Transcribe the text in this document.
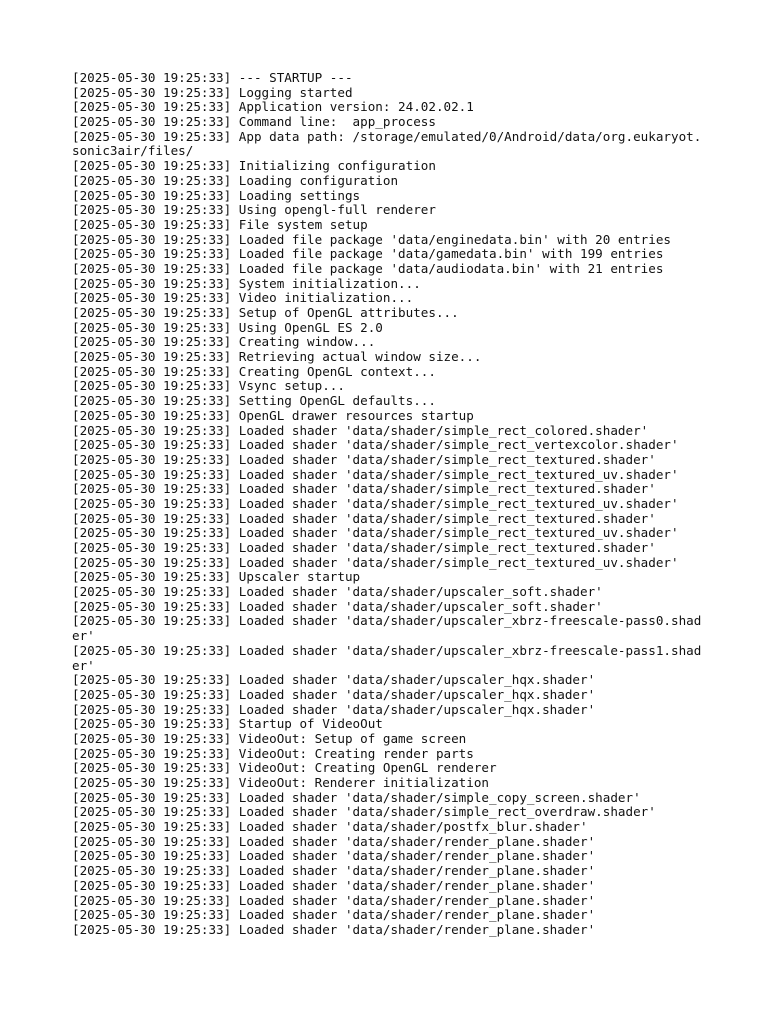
[2025-05-30 19:25:33] --- STARTUP ---
[2025-05-30 19:25:33] Logging started
[2025-05-30 19:25:33] Application version: 24.02.02.1
[2025-05-30 19:25:33] Command line:  app_process
[2025-05-30 19:25:33] App data path: /storage/emulated/0/Android/data/org.eukaryot.sonic3air/files/
[2025-05-30 19:25:33] Initializing configuration
[2025-05-30 19:25:33] Loading configuration
[2025-05-30 19:25:33] Loading settings
[2025-05-30 19:25:33] Using opengl-full renderer
[2025-05-30 19:25:33] File system setup
[2025-05-30 19:25:33] Loaded file package 'data/enginedata.bin' with 20 entries
[2025-05-30 19:25:33] Loaded file package 'data/gamedata.bin' with 199 entries
[2025-05-30 19:25:33] Loaded file package 'data/audiodata.bin' with 21 entries
[2025-05-30 19:25:33] System initialization...
[2025-05-30 19:25:33] Video initialization...
[2025-05-30 19:25:33] Setup of OpenGL attributes...
[2025-05-30 19:25:33] Using OpenGL ES 2.0
[2025-05-30 19:25:33] Creating window...
[2025-05-30 19:25:33] Retrieving actual window size...
[2025-05-30 19:25:33] Creating OpenGL context...
[2025-05-30 19:25:33] Vsync setup...
[2025-05-30 19:25:33] Setting OpenGL defaults...
[2025-05-30 19:25:33] OpenGL drawer resources startup
[2025-05-30 19:25:33] Loaded shader 'data/shader/simple_rect_colored.shader'
[2025-05-30 19:25:33] Loaded shader 'data/shader/simple_rect_vertexcolor.shader'
[2025-05-30 19:25:33] Loaded shader 'data/shader/simple_rect_textured.shader'
[2025-05-30 19:25:33] Loaded shader 'data/shader/simple_rect_textured_uv.shader'
[2025-05-30 19:25:33] Loaded shader 'data/shader/simple_rect_textured.shader'
[2025-05-30 19:25:33] Loaded shader 'data/shader/simple_rect_textured_uv.shader'
[2025-05-30 19:25:33] Loaded shader 'data/shader/simple_rect_textured.shader'
[2025-05-30 19:25:33] Loaded shader 'data/shader/simple_rect_textured_uv.shader'
[2025-05-30 19:25:33] Loaded shader 'data/shader/simple_rect_textured.shader'
[2025-05-30 19:25:33] Loaded shader 'data/shader/simple_rect_textured_uv.shader'
[2025-05-30 19:25:33] Upscaler startup
[2025-05-30 19:25:33] Loaded shader 'data/shader/upscaler_soft.shader'
[2025-05-30 19:25:33] Loaded shader 'data/shader/upscaler_soft.shader'
[2025-05-30 19:25:33] Loaded shader 'data/shader/upscaler_xbrz-freescale-pass0.shader'
[2025-05-30 19:25:33] Loaded shader 'data/shader/upscaler_xbrz-freescale-pass1.shader'
[2025-05-30 19:25:33] Loaded shader 'data/shader/upscaler_hqx.shader'
[2025-05-30 19:25:33] Loaded shader 'data/shader/upscaler_hqx.shader'
[2025-05-30 19:25:33] Loaded shader 'data/shader/upscaler_hqx.shader'
[2025-05-30 19:25:33] Startup of VideoOut
[2025-05-30 19:25:33] VideoOut: Setup of game screen
[2025-05-30 19:25:33] VideoOut: Creating render parts
[2025-05-30 19:25:33] VideoOut: Creating OpenGL renderer
[2025-05-30 19:25:33] VideoOut: Renderer initialization
[2025-05-30 19:25:33] Loaded shader 'data/shader/simple_copy_screen.shader'
[2025-05-30 19:25:33] Loaded shader 'data/shader/simple_rect_overdraw.shader'
[2025-05-30 19:25:33] Loaded shader 'data/shader/postfx_blur.shader'
[2025-05-30 19:25:33] Loaded shader 'data/shader/render_plane.shader'
[2025-05-30 19:25:33] Loaded shader 'data/shader/render_plane.shader'
[2025-05-30 19:25:33] Loaded shader 'data/shader/render_plane.shader'
[2025-05-30 19:25:33] Loaded shader 'data/shader/render_plane.shader'
[2025-05-30 19:25:33] Loaded shader 'data/shader/render_plane.shader'
[2025-05-30 19:25:33] Loaded shader 'data/shader/render_plane.shader'
[2025-05-30 19:25:33] Loaded shader 'data/shader/render_plane.shader'
